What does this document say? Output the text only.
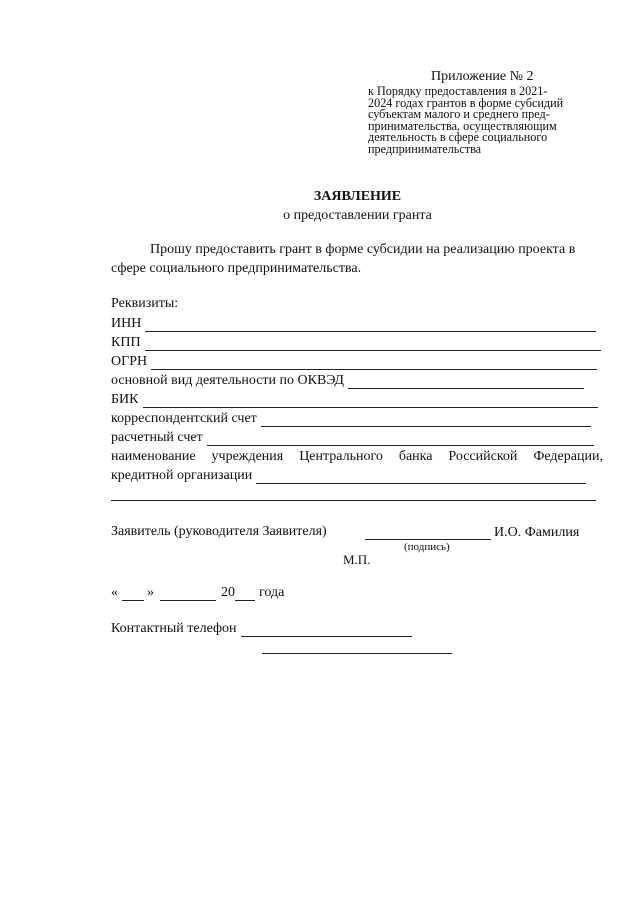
Приложение № 2
к Порядку предоставления в 2021-
2024 годах грантов в форме субсидий
субъектам малого и среднего пред-
принимательства, осуществляющим
деятельность в сфере социального
предпринимательства
ЗАЯВЛЕНИЕ
о предоставлении гранта
Прошу предоставить грант в форме субсидии на реализацию проекта в
сфере социального предпринимательства.
Реквизиты:
ИНН
КПП
ОГРН
основной вид деятельности по ОКВЭД
БИК
корреспондентский счет
расчетный счет
наименование учреждения Центрального банка Российской Федерации,
кредитной организации
Заявитель (руководителя Заявителя)	И.О. Фамилия
(подпись)
М.П.
« »	20 года
Контактный телефон
